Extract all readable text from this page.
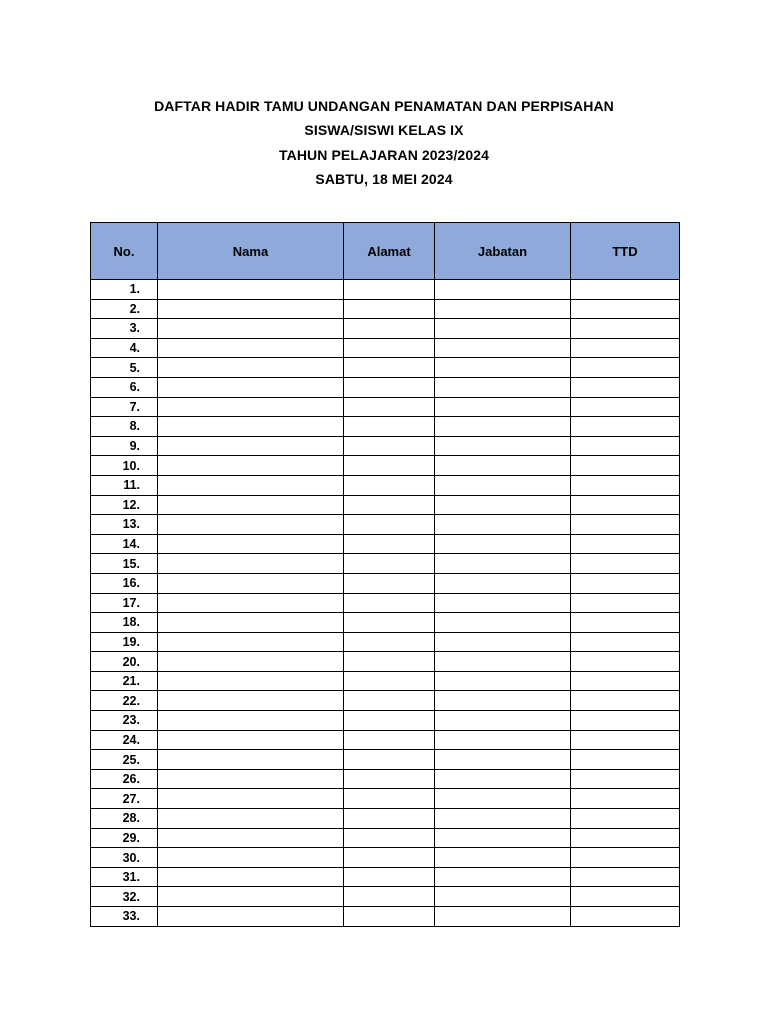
DAFTAR HADIR TAMU UNDANGAN PENAMATAN DAN PERPISAHAN
SISWA/SISWI KELAS IX
TAHUN PELAJARAN 2023/2024
SABTU, 18 MEI 2024
No.	Nama	Alamat	Jabatan	TTD
1.				
2.				
3.				
4.				
5.				
6.				
7.				
8.				
9.				
10.				
11.				
12.				
13.				
14.				
15.				
16.				
17.				
18.				
19.				
20.				
21.				
22.				
23.				
24.				
25.				
26.				
27.				
28.				
29.				
30.				
31.				
32.				
33.				
